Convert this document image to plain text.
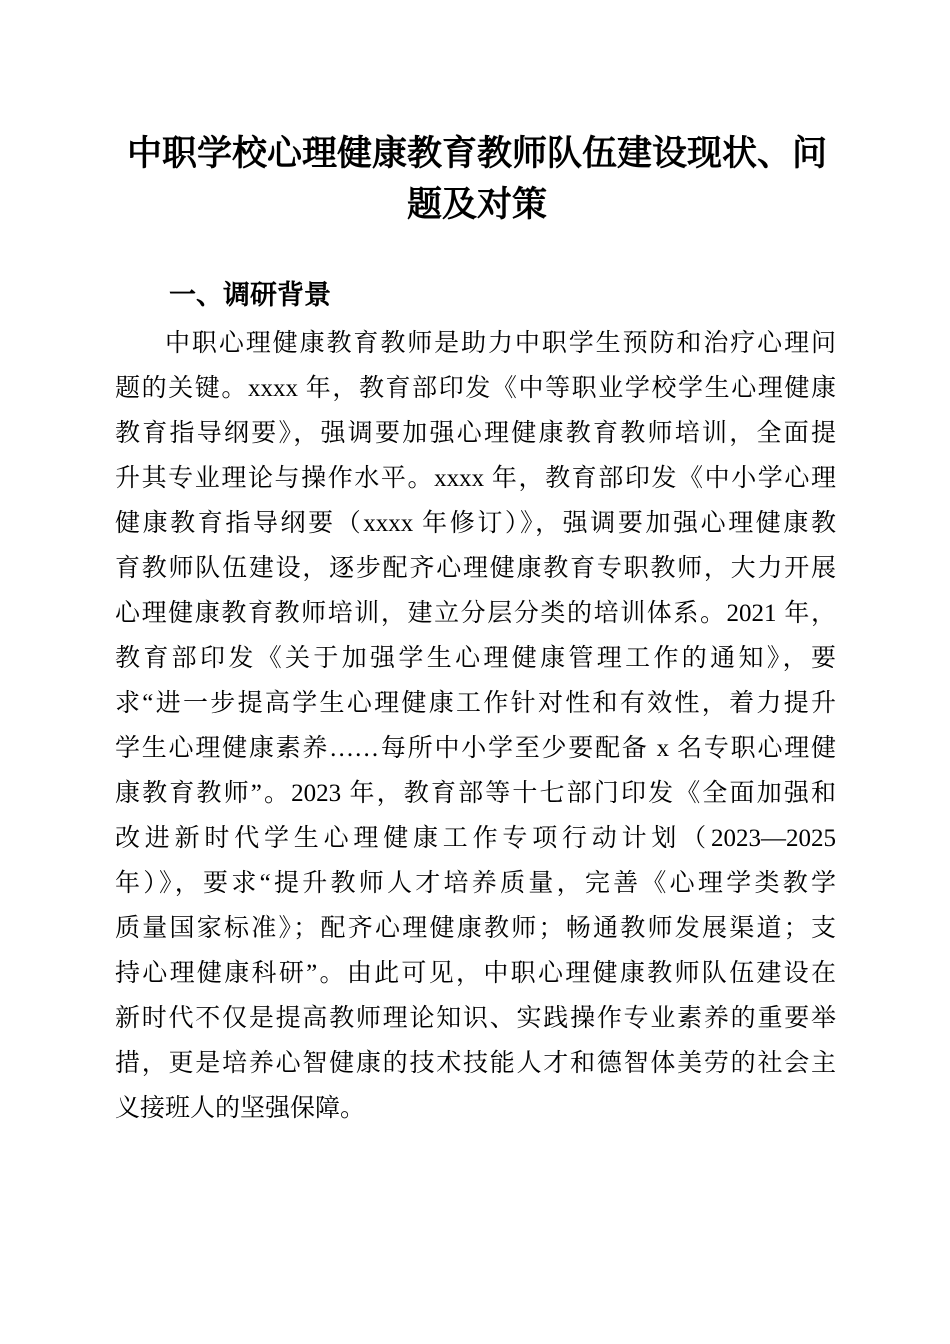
中职学校心理健康教育教师队伍建设现状、问题及对策
一、调研背景
中职心理健康教育教师是助力中职学生预防和治疗心理问
题的关键。xxxx 年，教育部印发《中等职业学校学生心理健康
教育指导纲要》，强调要加强心理健康教育教师培训，全面提
升其专业理论与操作水平。xxxx 年，教育部印发《中小学心理
健康教育指导纲要（xxxx 年修订）》，强调要加强心理健康教
育教师队伍建设，逐步配齐心理健康教育专职教师，大力开展
心理健康教育教师培训，建立分层分类的培训体系。2021 年，
教育部印发《关于加强学生心理健康管理工作的通知》，要
求“进一步提高学生心理健康工作针对性和有效性，着力提升
学生心理健康素养……每所中小学至少要配备 x 名专职心理健
康教育教师”。2023 年，教育部等十七部门印发《全面加强和
改进新时代学生心理健康工作专项行动计划（2023—2025
年）》，要求“提升教师人才培养质量，完善《心理学类教学
质量国家标准》；配齐心理健康教师；畅通教师发展渠道；支
持心理健康科研”。由此可见，中职心理健康教师队伍建设在
新时代不仅是提高教师理论知识、实践操作专业素养的重要举
措，更是培养心智健康的技术技能人才和德智体美劳的社会主
义接班人的坚强保障。
